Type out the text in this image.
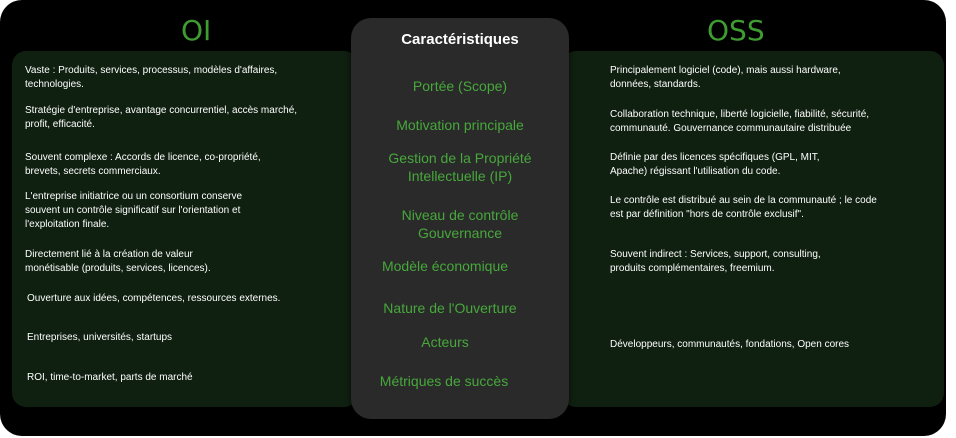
OI	OSS
Caractéristiques
Portée (Scope)
Motivation principale
Gestion de la Propriété
Intellectuelle (IP)
Niveau de contrôle
Gouvernance
Modèle économique
Nature de l'Ouverture
Acteurs
Métriques de succès
Vaste : Produits, services, processus, modèles d'affaires,
technologies.
Stratégie d'entreprise, avantage concurrentiel, accès marché,
profit, efficacité.
Souvent complexe : Accords de licence, co-propriété,
brevets, secrets commerciaux.
L'entreprise initiatrice ou un consortium conserve
souvent un contrôle significatif sur l'orientation et
l'exploitation finale.
Directement lié à la création de valeur
monétisable (produits, services, licences).
Ouverture aux idées, compétences, ressources externes.
Entreprises, universités, startups
ROI, time-to-market, parts de marché
Principalement logiciel (code), mais aussi hardware,
données, standards.
Collaboration technique, liberté logicielle, fiabilité, sécurité,
communauté. Gouvernance communautaire distribuée
Définie par des licences spécifiques (GPL, MIT,
Apache) régissant l'utilisation du code.
Le contrôle est distribué au sein de la communauté ; le code
est par définition "hors de contrôle exclusif".
Souvent indirect : Services, support, consulting,
produits complémentaires, freemium.
Développeurs, communautés, fondations, Open cores
